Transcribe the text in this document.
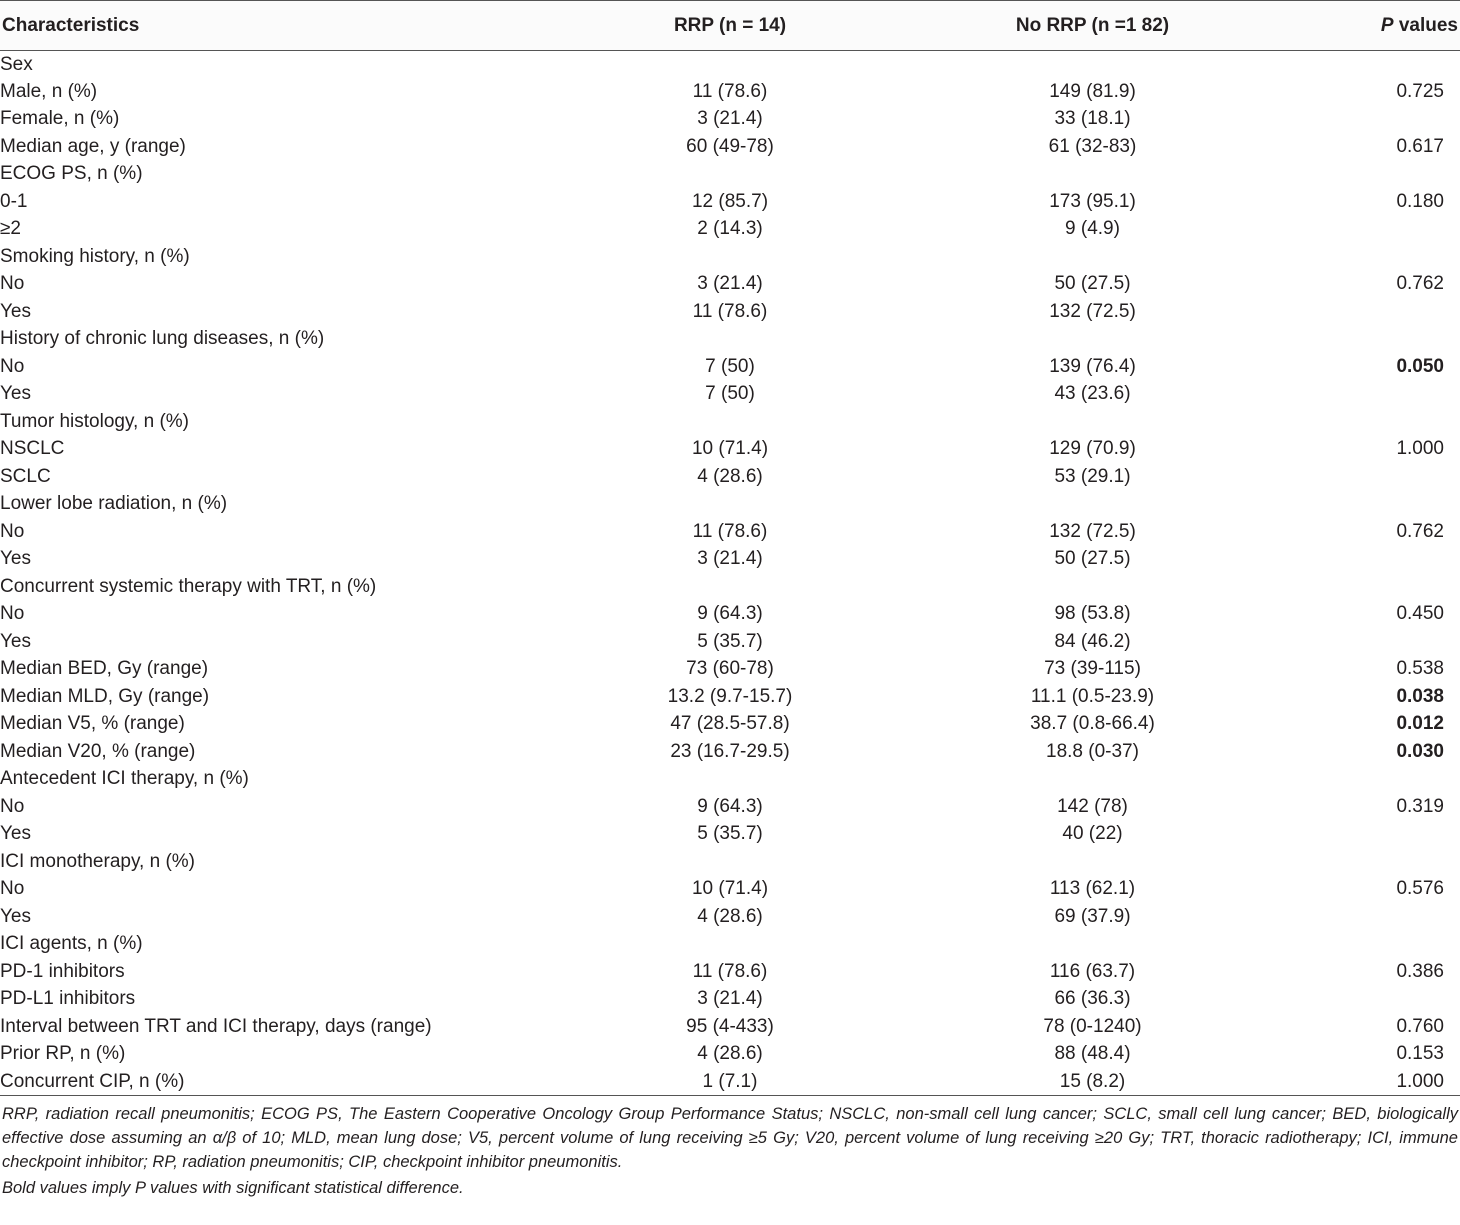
Characteristics	RRP (n = 14)	No RRP (n =1 82)	P values
Sex			
Male, n (%)	11 (78.6)	149 (81.9)	0.725
Female, n (%)	3 (21.4)	33 (18.1)	
Median age, y (range)	60 (49-78)	61 (32-83)	0.617
ECOG PS, n (%)			
0-1	12 (85.7)	173 (95.1)	0.180
≥2	2 (14.3)	9 (4.9)	
Smoking history, n (%)			
No	3 (21.4)	50 (27.5)	0.762
Yes	11 (78.6)	132 (72.5)	
History of chronic lung diseases, n (%)			
No	7 (50)	139 (76.4)	0.050
Yes	7 (50)	43 (23.6)	
Tumor histology, n (%)			
NSCLC	10 (71.4)	129 (70.9)	1.000
SCLC	4 (28.6)	53 (29.1)	
Lower lobe radiation, n (%)			
No	11 (78.6)	132 (72.5)	0.762
Yes	3 (21.4)	50 (27.5)	
Concurrent systemic therapy with TRT, n (%)			
No	9 (64.3)	98 (53.8)	0.450
Yes	5 (35.7)	84 (46.2)	
Median BED, Gy (range)	73 (60-78)	73 (39-115)	0.538
Median MLD, Gy (range)	13.2 (9.7-15.7)	11.1 (0.5-23.9)	0.038
Median V5, % (range)	47 (28.5-57.8)	38.7 (0.8-66.4)	0.012
Median V20, % (range)	23 (16.7-29.5)	18.8 (0-37)	0.030
Antecedent ICI therapy, n (%)			
No	9 (64.3)	142 (78)	0.319
Yes	5 (35.7)	40 (22)	
ICI monotherapy, n (%)			
No	10 (71.4)	113 (62.1)	0.576
Yes	4 (28.6)	69 (37.9)	
ICI agents, n (%)			
PD-1 inhibitors	11 (78.6)	116 (63.7)	0.386
PD-L1 inhibitors	3 (21.4)	66 (36.3)	
Interval between TRT and ICI therapy, days (range)	95 (4-433)	78 (0-1240)	0.760
Prior RP, n (%)	4 (28.6)	88 (48.4)	0.153
Concurrent CIP, n (%)	1 (7.1)	15 (8.2)	1.000
RRP, radiation recall pneumonitis; ECOG PS, The Eastern Cooperative Oncology Group Performance Status; NSCLC, non-small cell lung cancer; SCLC, small cell lung cancer; BED, biologically effective dose assuming an α/β of 10; MLD, mean lung dose; V5, percent volume of lung receiving ≥5 Gy; V20, percent volume of lung receiving ≥20 Gy; TRT, thoracic radiotherapy; ICI, immune checkpoint inhibitor; RP, radiation pneumonitis; CIP, checkpoint inhibitor pneumonitis.
Bold values imply P values with significant statistical difference.
